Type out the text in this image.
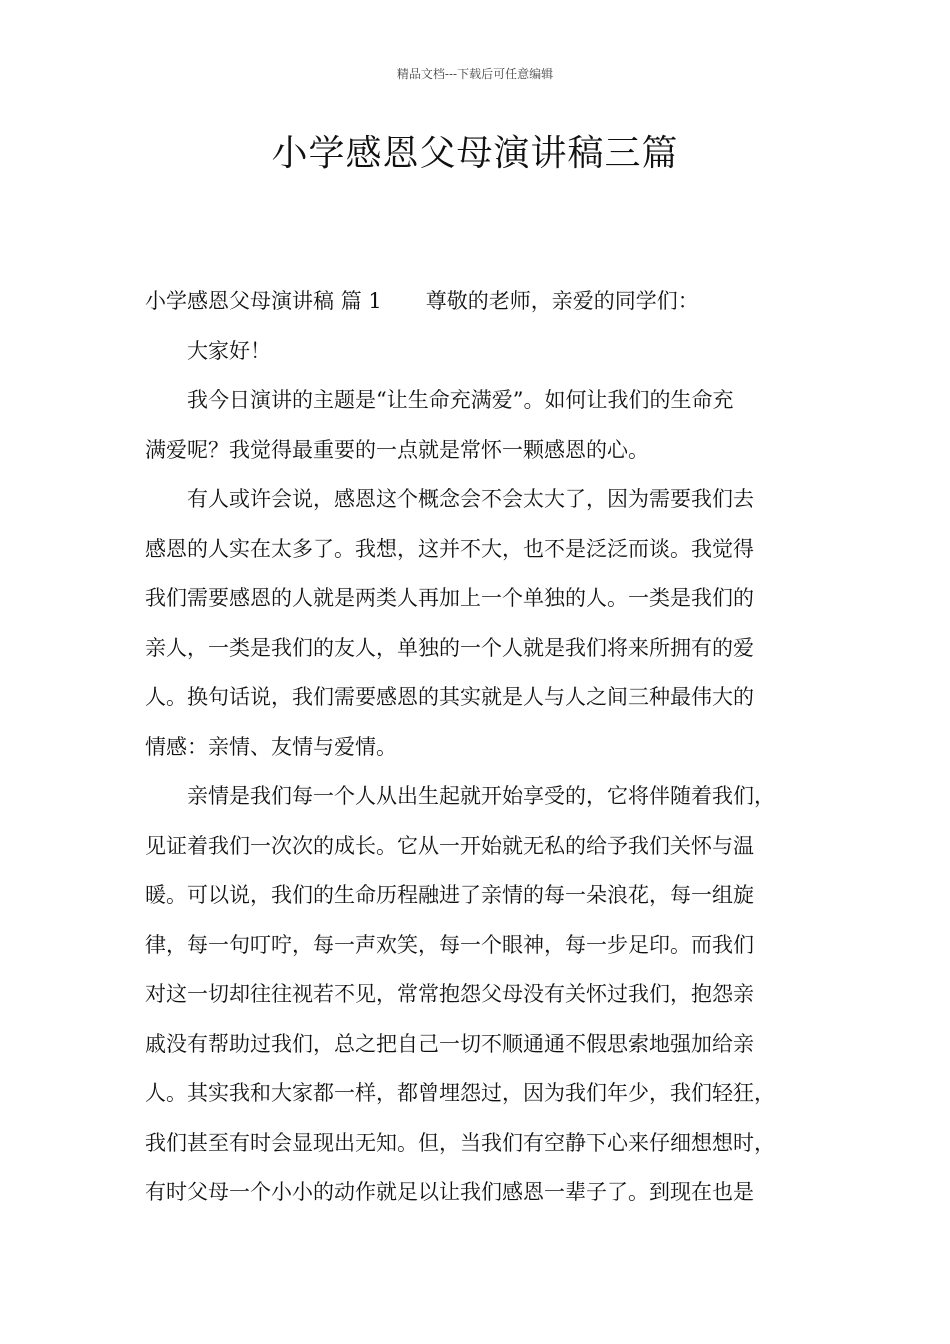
精品文档---下载后可任意编辑
小学感恩父母演讲稿三篇

小学感恩父母演讲稿 篇 1 尊敬的老师，亲爱的同学们：

大家好！

我今日演讲的主题是“让生命充满爱”。如何让我们的生命充
满爱呢？我觉得最重要的一点就是常怀一颗感恩的心。

有人或许会说，感恩这个概念会不会太大了，因为需要我们去
感恩的人实在太多了。我想，这并不大，也不是泛泛而谈。我觉得
我们需要感恩的人就是两类人再加上一个单独的人。一类是我们的
亲人，一类是我们的友人，单独的一个人就是我们将来所拥有的爱
人。换句话说，我们需要感恩的其实就是人与人之间三种最伟大的
情感：亲情、友情与爱情。

亲情是我们每一个人从出生起就开始享受的，它将伴随着我们，
见证着我们一次次的成长。它从一开始就无私的给予我们关怀与温
暖。可以说，我们的生命历程融进了亲情的每一朵浪花，每一组旋
律，每一句叮咛，每一声欢笑，每一个眼神，每一步足印。而我们
对这一切却往往视若不见，常常抱怨父母没有关怀过我们，抱怨亲
戚没有帮助过我们，总之把自己一切不顺通通不假思索地强加给亲
人。其实我和大家都一样，都曾埋怨过，因为我们年少，我们轻狂，
我们甚至有时会显现出无知。但，当我们有空静下心来仔细想想时，
有时父母一个小小的动作就足以让我们感恩一辈子了。到现在也是
